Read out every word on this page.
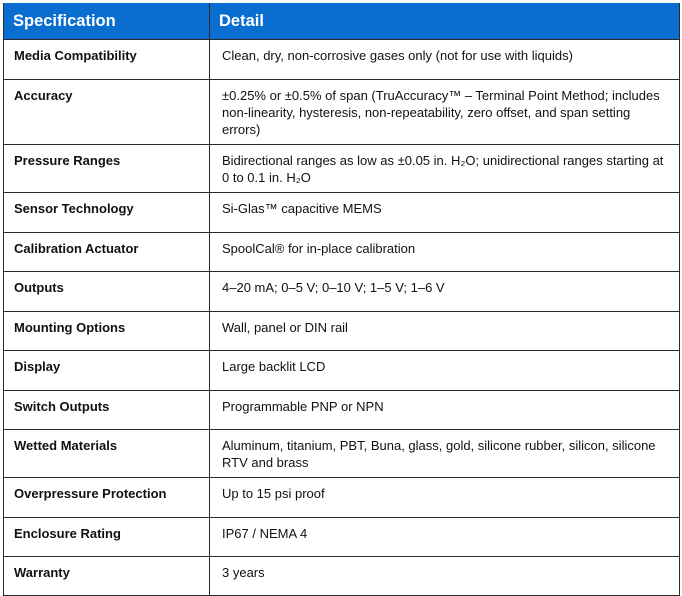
Specification	Detail
Media Compatibility	Clean, dry, non-corrosive gases only (not for use with liquids)
Accuracy	±0.25% or ±0.5% of span (TruAccuracy™ – Terminal Point Method; includes non-linearity, hysteresis, non-repeatability, zero offset, and span setting errors)
Pressure Ranges	Bidirectional ranges as low as ±0.05 in. H₂O; unidirectional ranges starting at 0 to 0.1 in. H₂O
Sensor Technology	Si-Glas™ capacitive MEMS
Calibration Actuator	SpoolCal® for in-place calibration
Outputs	4–20 mA; 0–5 V; 0–10 V; 1–5 V; 1–6 V
Mounting Options	Wall, panel or DIN rail
Display	Large backlit LCD
Switch Outputs	Programmable PNP or NPN
Wetted Materials	Aluminum, titanium, PBT, Buna, glass, gold, silicone rubber, silicon, silicone RTV and brass
Overpressure Protection	Up to 15 psi proof
Enclosure Rating	IP67 / NEMA 4
Warranty	3 years
